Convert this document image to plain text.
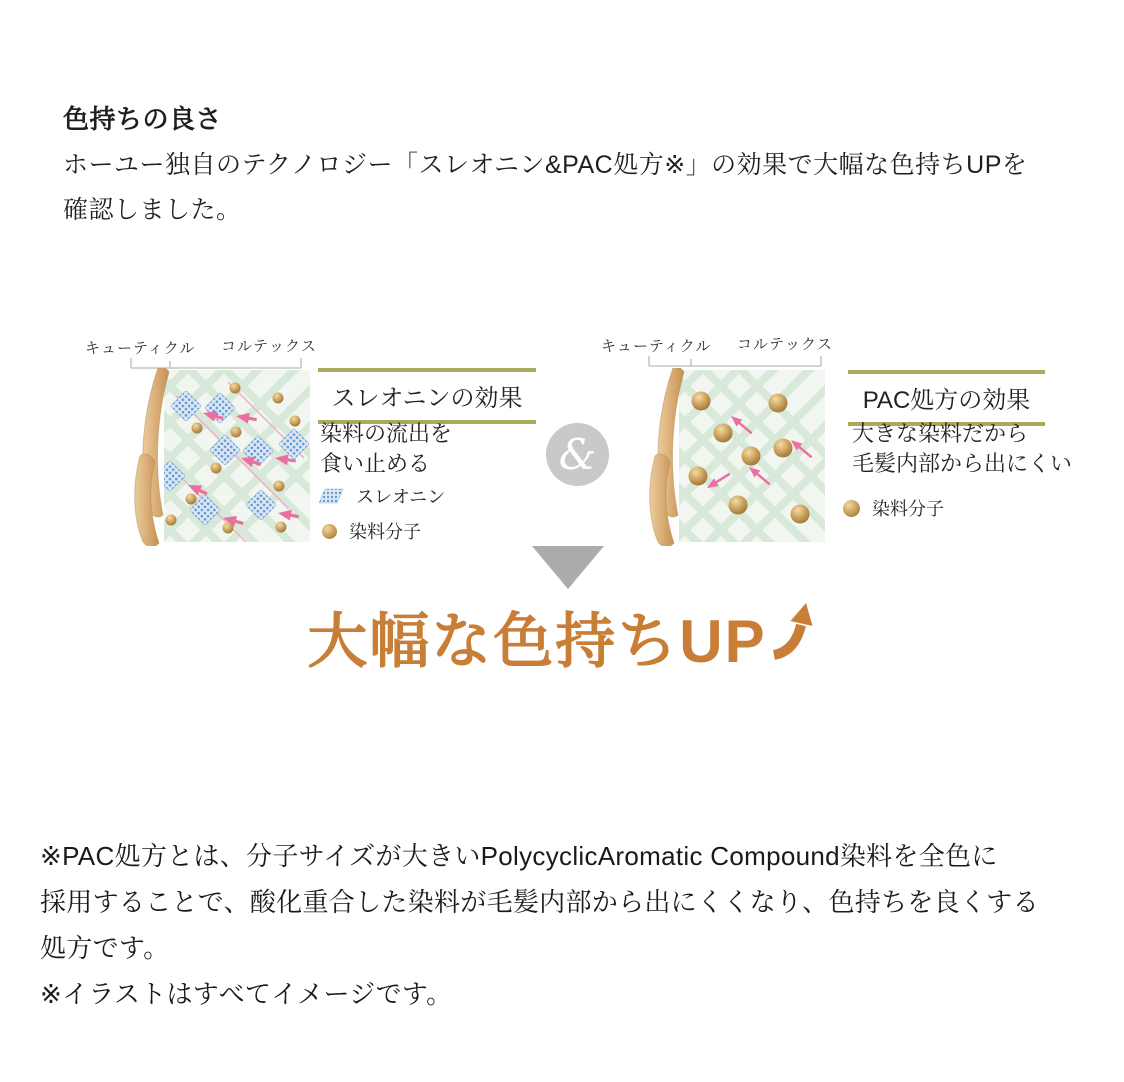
色持ちの良さ
ホーユー独自のテクノロジー「スレオニン&PAC処方※」の効果で大幅な色持ちUPを
確認しました。
キューティクル コルテックス
スレオニンの効果
染料の流出を
食い止める
スレオニン
染料分子
&
キューティクル コルテックス
PAC処方の効果
大きな染料だから
毛髪内部から出にくい
染料分子
大幅な色持ちUP
※PAC処方とは、分子サイズが大きいPolycyclicAromatic Compound染料を全色に
採用することで、酸化重合した染料が毛髪内部から出にくくなり、色持ちを良くする
処方です。
※イラストはすべてイメージです。
